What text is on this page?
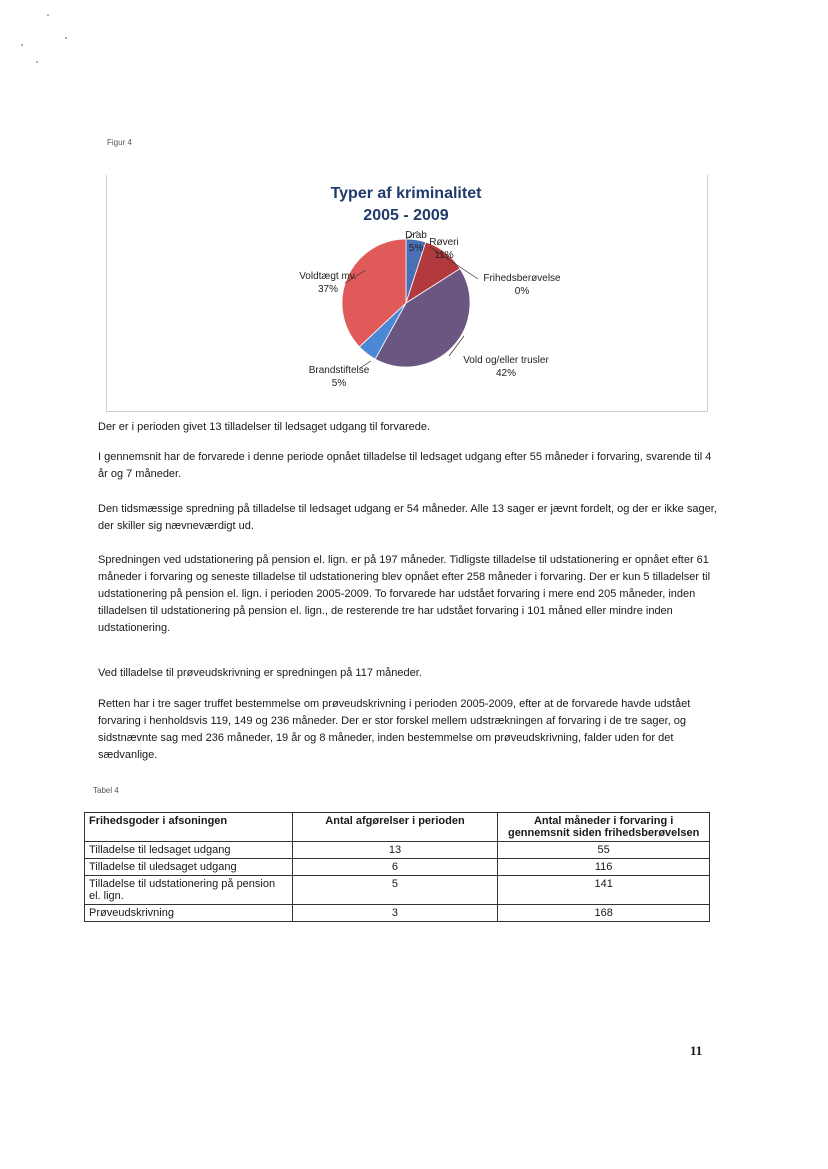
Figur 4
Typer af kriminalitet
2005 - 2009
Drab
5%
Røveri
11%
Frihedsberøvelse
0%
Vold og/eller trusler
42%
Brandstiftelse
5%
Voldtægt mv.
37%
Der er i perioden givet 13 tilladelser til ledsaget udgang til forvarede.
I gennemsnit har de forvarede i denne periode opnået tilladelse til ledsaget udgang efter 55 måneder i forvaring, svarende til 4 år og 7 måneder.
Den tidsmæssige spredning på tilladelse til ledsaget udgang er 54 måneder. Alle 13 sager er jævnt fordelt, og der er ikke sager, der skiller sig nævneværdigt ud.
Spredningen ved udstationering på pension el. lign. er på 197 måneder. Tidligste tilladelse til udstationering er opnået efter 61 måneder i forvaring og seneste tilladelse til udstationering blev opnået efter 258 måneder i forvaring. Der er kun 5 tilladelser til udstationering på pension el. lign. i perioden 2005-2009. To forvarede har udstået forvaring i mere end 205 måneder, inden tilladelsen til udstationering på pension el. lign., de resterende tre har udstået forvaring i 101 måned eller mindre inden udstationering.
Ved tilladelse til prøveudskrivning er spredningen på 117 måneder.
Retten har i tre sager truffet bestemmelse om prøveudskrivning i perioden 2005-2009, efter at de forvarede havde udstået forvaring i henholdsvis 119, 149 og 236 måneder. Der er stor forskel mellem udstrækningen af forvaring i de tre sager, og sidstnævnte sag med 236 måneder, 19 år og 8 måneder, inden bestemmelse om prøveudskrivning, falder uden for det sædvanlige.
Tabel 4
Frihedsgoder i afsoningen	Antal afgørelser i perioden	Antal måneder i forvaring i gennemsnit siden frihedsberøvelsen
Tilladelse til ledsaget udgang	13	55
Tilladelse til uledsaget udgang	6	116
Tilladelse til udstationering på pension el. lign.	5	141
Prøveudskrivning	3	168
11
